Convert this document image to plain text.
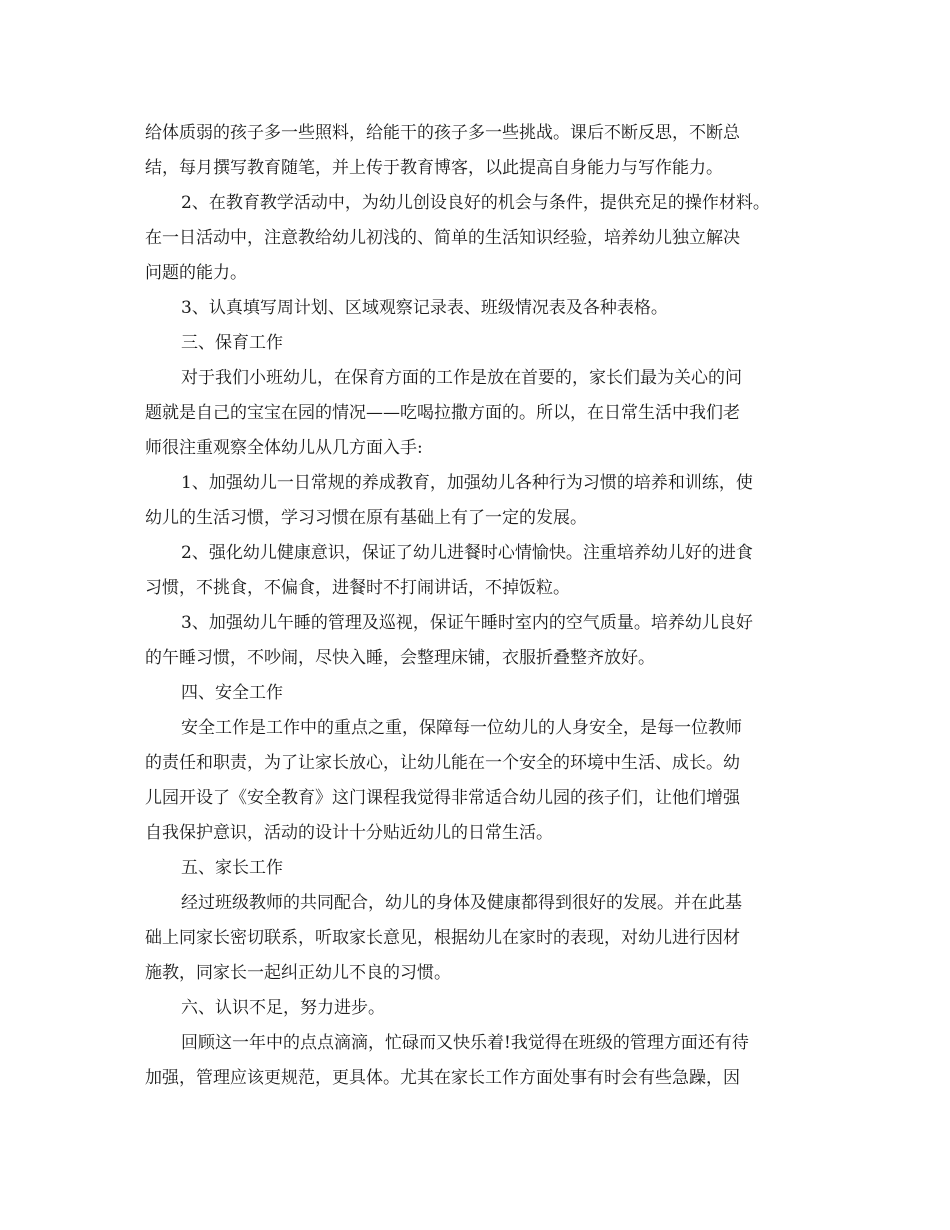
给体质弱的孩子多一些照料，给能干的孩子多一些挑战。课后不断反思，不断总
结，每月撰写教育随笔，并上传于教育博客，以此提高自身能力与写作能力。
2、在教育教学活动中，为幼儿创设良好的机会与条件，提供充足的操作材料。
在一日活动中，注意教给幼儿初浅的、简单的生活知识经验，培养幼儿独立解决
问题的能力。
3、认真填写周计划、区域观察记录表、班级情况表及各种表格。
三、保育工作
对于我们小班幼儿，在保育方面的工作是放在首要的，家长们最为关心的问
题就是自己的宝宝在园的情况——吃喝拉撒方面的。所以，在日常生活中我们老
师很注重观察全体幼儿从几方面入手:
1、加强幼儿一日常规的养成教育，加强幼儿各种行为习惯的培养和训练，使
幼儿的生活习惯，学习习惯在原有基础上有了一定的发展。
2、强化幼儿健康意识，保证了幼儿进餐时心情愉快。注重培养幼儿好的进食
习惯，不挑食，不偏食，进餐时不打闹讲话，不掉饭粒。
3、加强幼儿午睡的管理及巡视，保证午睡时室内的空气质量。培养幼儿良好
的午睡习惯，不吵闹，尽快入睡，会整理床铺，衣服折叠整齐放好。
四、安全工作
安全工作是工作中的重点之重，保障每一位幼儿的人身安全，是每一位教师
的责任和职责，为了让家长放心，让幼儿能在一个安全的环境中生活、成长。幼
儿园开设了《安全教育》这门课程我觉得非常适合幼儿园的孩子们，让他们增强
自我保护意识，活动的设计十分贴近幼儿的日常生活。
五、家长工作
经过班级教师的共同配合，幼儿的身体及健康都得到很好的发展。并在此基
础上同家长密切联系，听取家长意见，根据幼儿在家时的表现，对幼儿进行因材
施教，同家长一起纠正幼儿不良的习惯。
六、认识不足，努力进步。
回顾这一年中的点点滴滴，忙碌而又快乐着!我觉得在班级的管理方面还有待
加强，管理应该更规范，更具体。尤其在家长工作方面处事有时会有些急躁，因
